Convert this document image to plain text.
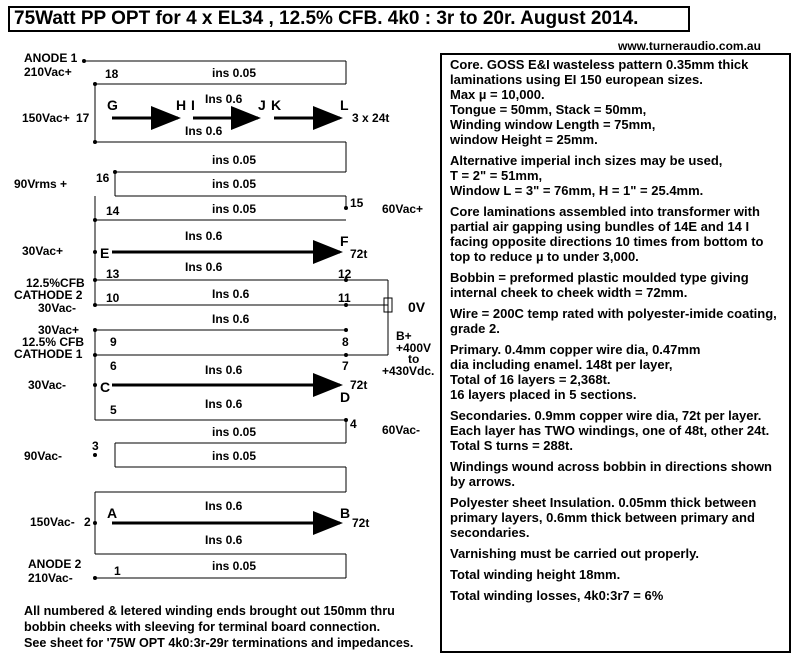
75Watt PP OPT for 4 x EL34 , 12.5% CFB. 4k0 : 3r to 20r. August 2014.
www.turneraudio.com.au
ANODE 1
210Vac+	18	ins 0.05
G	H I Ins 0.6 J K	L
150Vac+ 17	3 x 24t
Ins 0.6
ins 0.05
90Vrms + 16	ins 0.05
14
15
ins 0.05	60Vac+
Ins 0.6
30Vac+	E
F
72t
Ins 0.6
12.5%CFB
CATHODE 2
13	12
30Vac-
10	Ins 0.6	11
0V
Ins 0.6
30Vac+
12.5% CFB 9	8	B+
+400V
to
+430Vdc.
CATHODE 1
6	7
Ins 0.6
30Vac- C	72t
D
5	Ins 0.6
4
ins 0.05	60Vac-
3
ins 0.05
90Vac-
Ins 0.6
150Vac- 2
A	B
72t
Ins 0.6
ANODE 2
210Vac-	1	ins 0.05

Core. GOSS E&I wasteless pattern 0.35mm thick laminations using EI 150 european sizes.
Max µ = 10,000.
Tongue = 50mm, Stack = 50mm,
Winding window Length = 75mm,
window Height = 25mm.

Alternative imperial inch sizes may be used,
T = 2" = 51mm,
Window L = 3" = 76mm, H = 1" = 25.4mm.

Core laminations assembled into transformer with partial air gapping using bundles of 14E and 14 I facing opposite directions 10 times from bottom to top to reduce µ to under 3,000.

Bobbin = preformed plastic moulded type giving internal cheek to cheek width = 72mm.

Wire = 200C temp rated with polyester-imide coating, grade 2.

Primary. 0.4mm copper wire dia, 0.47mm
dia including enamel. 148t per layer,
Total of 16 layers = 2,368t.
16 layers placed in 5 sections.

Secondaries. 0.9mm copper wire dia, 72t per layer. Each layer has TWO windings, one of 48t, other 24t. Total S turns = 288t.

Windings wound across bobbin in directions shown by arrows.

Polyester sheet Insulation. 0.05mm thick between primary layers, 0.6mm thick between primary and secondaries.

Varnishing must be carried out properly.

Total winding height 18mm.

Total winding losses, 4k0:3r7 = 6%

All numbered & letered winding ends brought out 150mm thru
bobbin cheeks with sleeving for terminal board connection.
See sheet for '75W OPT 4k0:3r-29r terminations and impedances.
